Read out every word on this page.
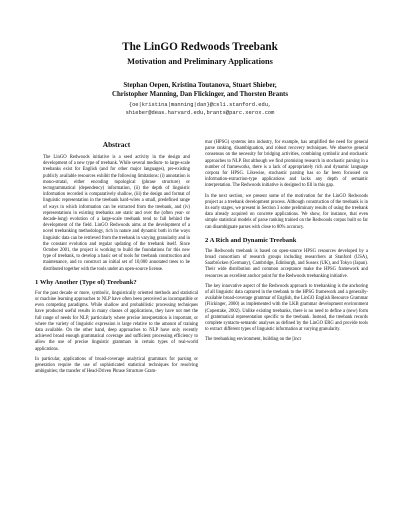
The LinGO Redwoods Treebank
Motivation and Preliminary Applications
Stephan Oepen, Kristina Toutanova, Stuart Shieber,
Christopher Manning, Dan Flickinger, and Thorsten Brants
{oe|kristina|manning|dan}@csli.stanford.edu,
shieber@deas.harvard.edu,brants@parc.xerox.com
Abstract

The LinGO Redwoods initiative is a seed activity in the design and development of a new type of treebank. While several medium- to large-scale treebanks exist for English (and for other major languages), pre-existing publicly available resources exhibit the following limitations: (i) annotation is mono-stratal, either encoding topological (phrase structure) or tectogrammatical (dependency) information, (ii) the depth of linguistic information recorded is comparatively shallow, (iii) the design and format of linguistic representation in the treebank hard-wires a small, predefined range of ways in which information can be extracted from the treebank, and (iv) representations in existing treebanks are static and over the (often year- or decade-long) evolution of a large-scale treebank tend to fall behind the development of the field. LinGO Redwoods aims at the development of a novel treebanking methodology, rich in nature and dynamic both in the ways linguistic data can be retrieved from the treebank in varying granularity and in the constant evolution and regular updating of the treebank itself. Since October 2001, the project is working to build the foundations for this new type of treebank, to develop a basic set of tools for treebank construction and maintenance, and to construct an initial set of 10,000 annotated trees to be distributed together with the tools under an open-source license.

1 Why Another (Type of) Treebank?

For the past decade or more, symbolic, linguistically oriented methods and statistical or machine learning approaches to NLP have often been perceived as incompatible or even competing paradigms. While shallow and probabilistic processing techniques have produced useful results in many classes of applications, they have not met the full range of needs for NLP, particularly where precise interpretation is important, or where the variety of linguistic expression is large relative to the amount of training data available. On the other hand, deep approaches to NLP have only recently achieved broad enough grammatical coverage and sufficient processing efficiency to allow the use of precise linguistic grammars in certain types of real-world applications.

In particular, applications of broad-coverage analytical grammars for parsing or generation require the use of sophisticated statistical techniques for resolving ambiguities; the transfer of Head-Driven Phrase Structure Gram-

mar (HPSG) systems into industry, for example, has amplified the need for general parse ranking, disambiguation, and robust recovery techniques. We observe general consensus on the necessity for bridging activities, combining symbolic and stochastic approaches to NLP. But although we find promising research in stochastic parsing in a number of frameworks, there is a lack of appropriately rich and dynamic language corpora for HPSG. Likewise, stochastic parsing has so far been focussed on information-extraction-type applications and lacks any depth of semantic interpretation. The Redwoods initiative is designed to fill in this gap.

In the next section, we present some of the motivation for the LinGO Redwoods project as a treebank development process. Although construction of the treebank is in its early stages, we present in Section 3 some preliminary results of using the treebank data already acquired on concrete applications. We show, for instance, that even simple statistical models of parse ranking trained on the Redwoods corpus built so far can disambiguate parses with close to 80% accuracy.

2 A Rich and Dynamic Treebank

The Redwoods treebank is based on open-source HPSG resources developed by a broad consortium of research groups including researchers at Stanford (USA), Saarbrücken (Germany), Cambridge, Edinburgh, and Sussex (UK), and Tokyo (Japan). Their wide distribution and common acceptance make the HPSG framework and resources an excellent anchor point for the Redwoods treebanking initiative.

The key innovative aspect of the Redwoods approach to treebanking is the anchoring of all linguistic data captured in the treebank to the HPSG framework and a generally-available broad-coverage grammar of English, the LinGO English Resource Grammar (Flickinger, 2000) as implemented with the LKB grammar development environment (Copestake, 2002). Unlike existing treebanks, there is no need to define a (new) form of grammatical representation specific to the treebank. Instead, the treebank records complete syntacto-semantic analyses as defined by the LinGO ERG and provide tools to extract different types of linguistic information at varying granularity.

The treebanking environment, building on the [incr
